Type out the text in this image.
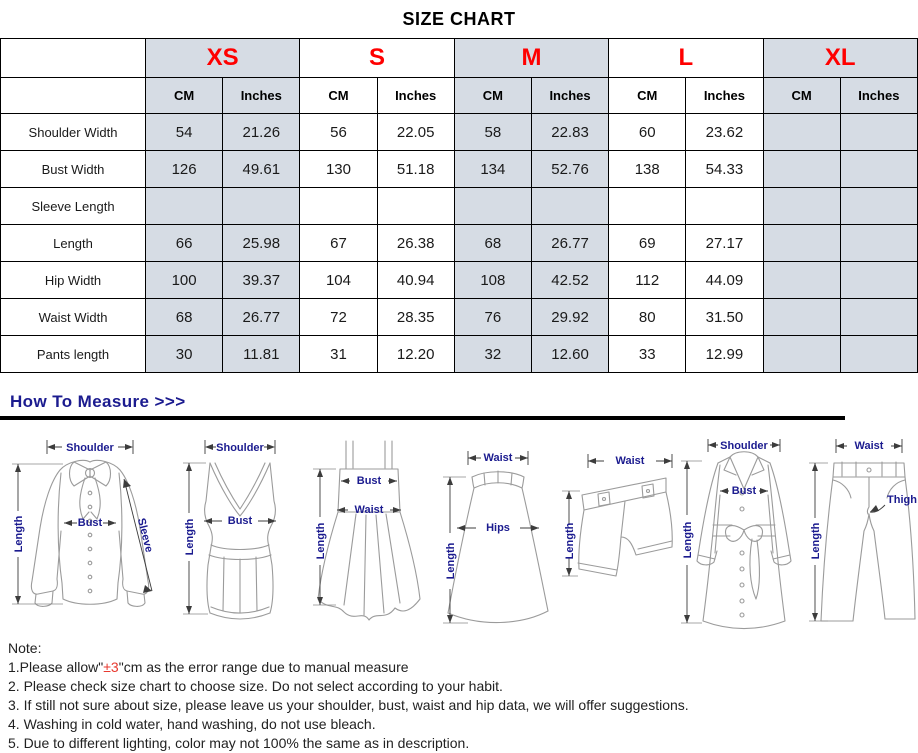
SIZE CHART
	XS		S		M		L		XL	
	CM	Inches	CM	Inches	CM	Inches	CM	Inches	CM	Inches
Shoulder Width	54	21.26	56	22.05	58	22.83	60	23.62		
Bust Width	126	49.61	130	51.18	134	52.76	138	54.33		
Sleeve Length										
Length	66	25.98	67	26.38	68	26.77	69	27.17		
Hip Width	100	39.37	104	40.94	108	42.52	112	44.09		
Waist Width	68	26.77	72	28.35	76	29.92	80	31.50		
Pants length	30	11.81	31	12.20	32	12.60	33	12.99		
How To Measure >>>
Shoulder
Length	Bust	Sleeve
Shoulder
Length	Bust
Bust
Waist
Length
Waist
Hips
Length
Waist
Length
Shoulder
Bust
Length
Waist
Thigh
Length
Note:
1.Please allow"±3"cm as the error range due to manual measure
2. Please check size chart to choose size. Do not select according to your habit.
3. If still not sure about size, please leave us your shoulder, bust, waist and hip data, we will offer suggestions.
4. Washing in cold water, hand washing, do not use bleach.
5. Due to different lighting, color may not 100% the same as in description.
